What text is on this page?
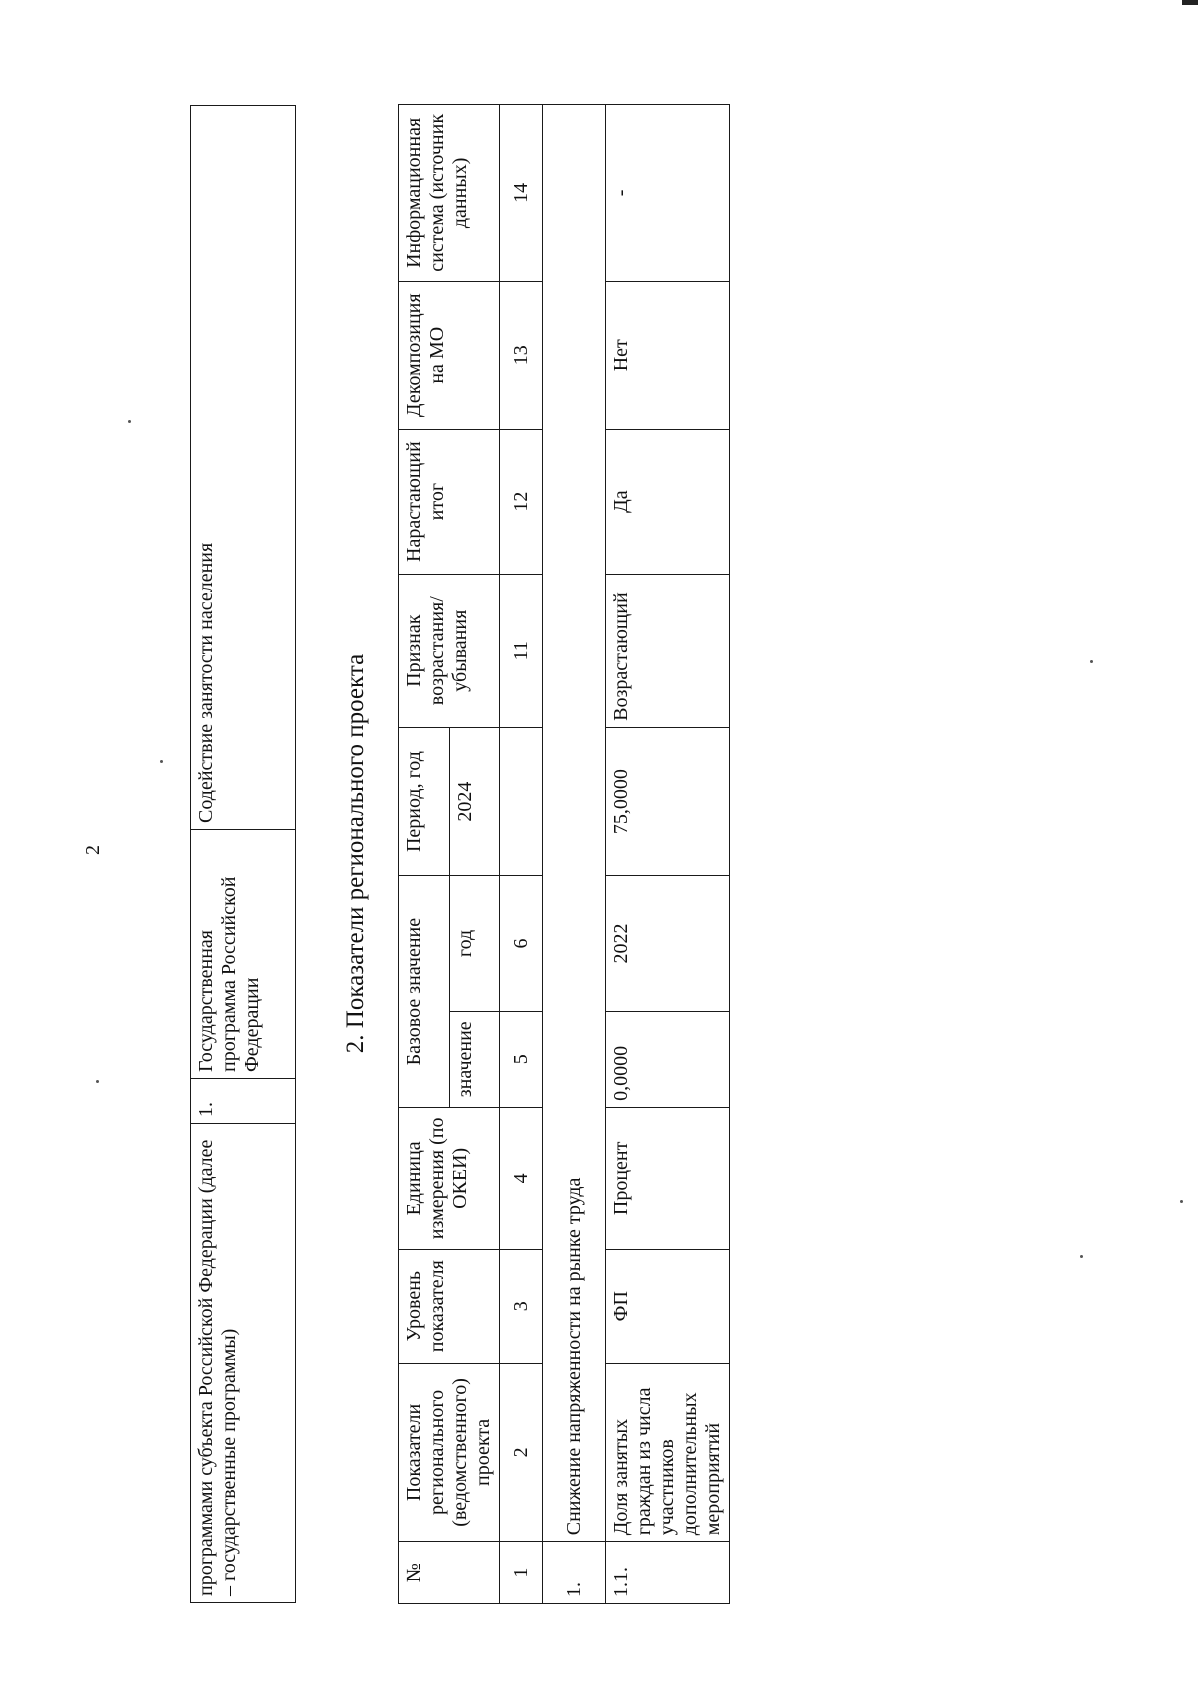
2
программами субъекта Российской Федерации (далее – государственные программы)	1.	Государственная программа Российской Федерации	Содействие занятости населения	2. Показатели регионального проекта
№	Показатели регионального (ведомственного) проекта	Уровень показателя	Единица измерения (по ОКЕИ)	Базовое значение		Период, год	Признак возрастания/убывания	Нарастающий итог	Декомпозиция на МО	Информационная система (источник данных)
				значение	год	2024				
1	2	3	4	5	6		11	12	13	14
1.	Снижение напряженности на рынке труда									
1.1.	Доля занятых граждан из числа участников дополнительных мероприятий	ФП	Процент	0,0000	2022	75,0000	Возрастающий	Да	Нет	-
